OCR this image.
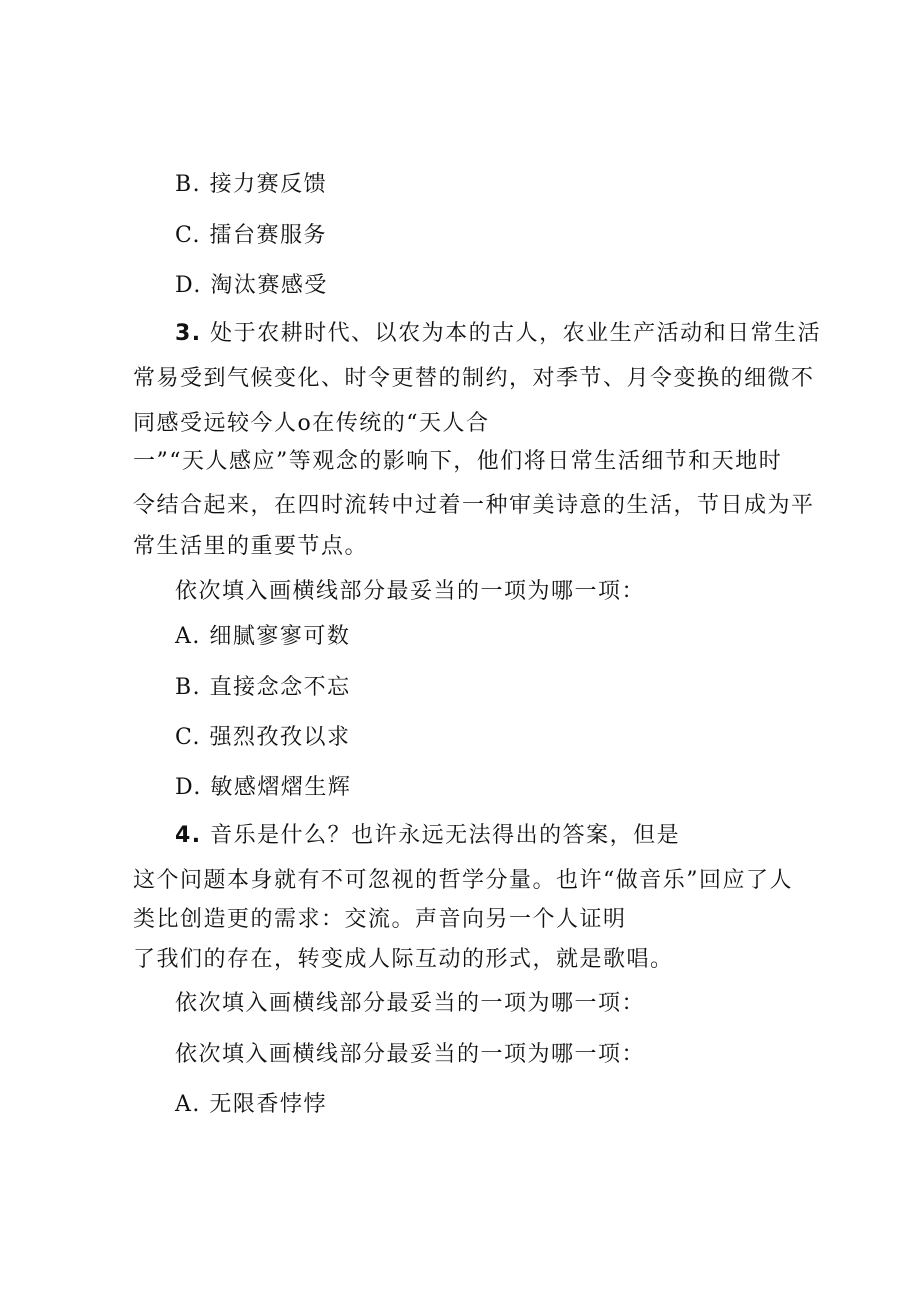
B. 接力赛反馈
C. 擂台赛服务
D. 淘汰赛感受
3. 处于农耕时代、以农为本的古人，农业生产活动和日常生活
常易受到气候变化、时令更替的制约，对季节、月令变换的细微不
同感受远较今人o在传统的“天人合
一”“天人感应”等观念的影响下，他们将日常生活细节和天地时
令结合起来，在四时流转中过着一种审美诗意的生活，节日成为平
常生活里的重要节点。
依次填入画横线部分最妥当的一项为哪一项：
A. 细腻寥寥可数
B. 直接念念不忘
C. 强烈孜孜以求
D. 敏感熠熠生辉
4. 音乐是什么？也许永远无法得出的答案，但是
这个问题本身就有不可忽视的哲学分量。也许“做音乐”回应了人
类比创造更的需求：交流。声音向另一个人证明
了我们的存在，转变成人际互动的形式，就是歌唱。
依次填入画横线部分最妥当的一项为哪一项：
依次填入画横线部分最妥当的一项为哪一项：
A. 无限香悖悖
